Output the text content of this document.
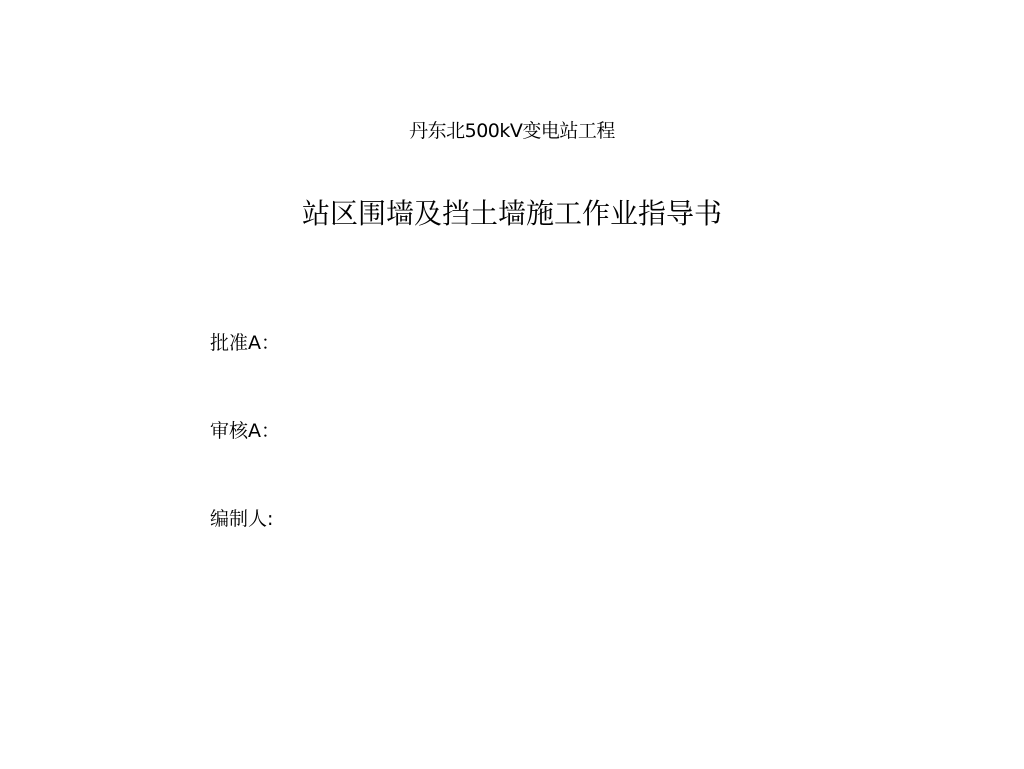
丹东北500kV变电站工程
站区围墙及挡土墙施工作业指导书
批准A：
审核A：
编制人:
